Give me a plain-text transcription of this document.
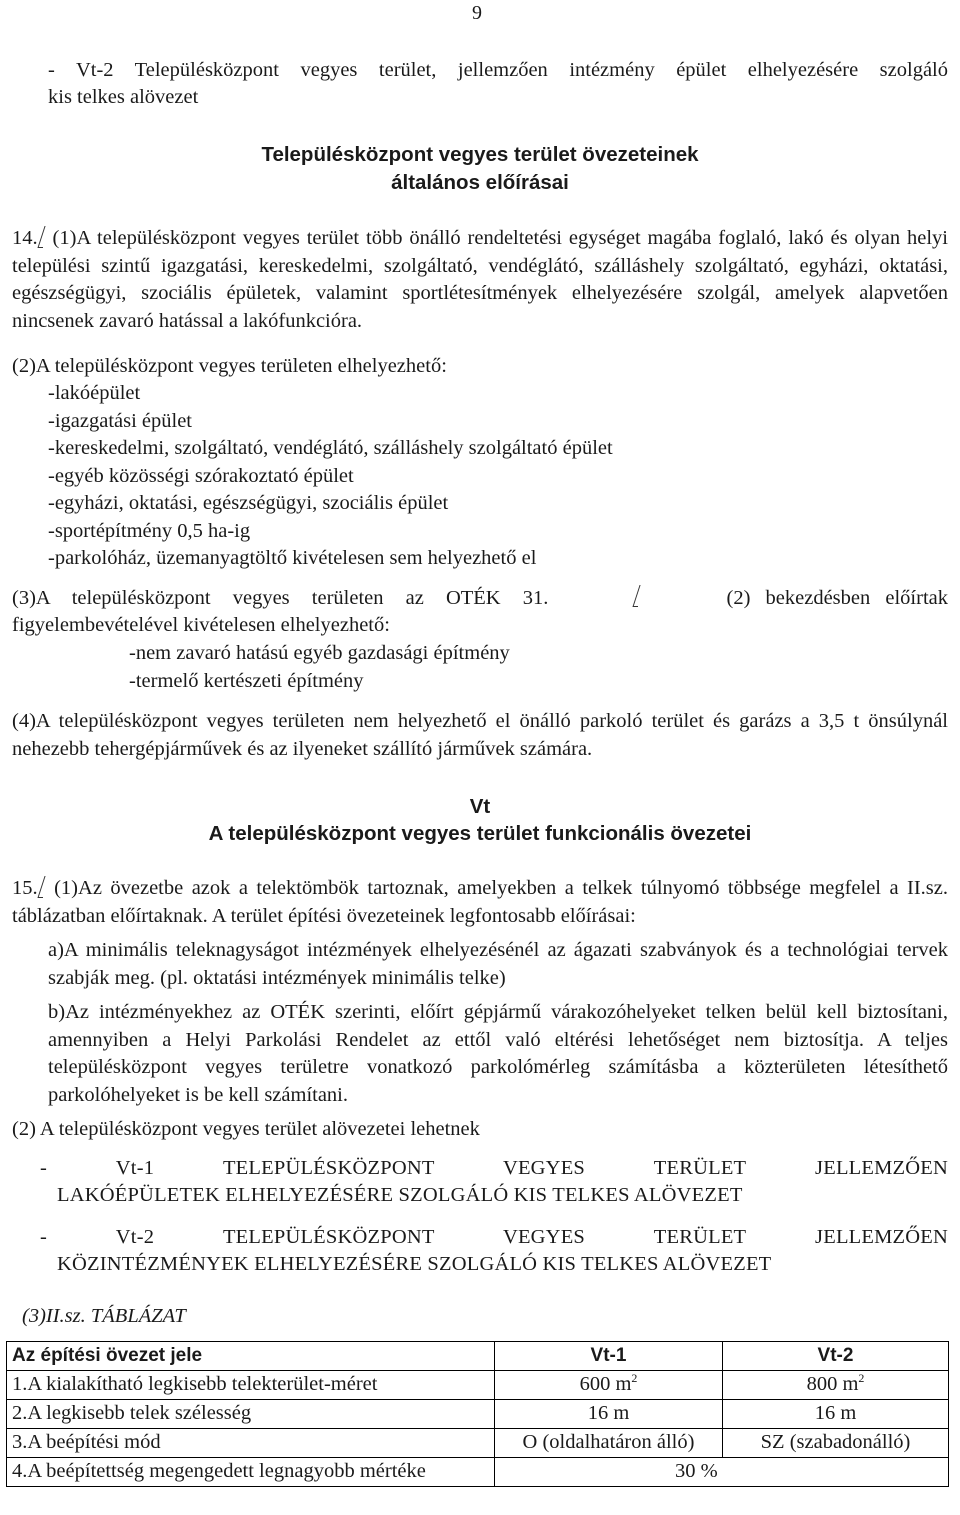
9
- Vt-2 Településközpont vegyes terület, jellemzően intézmény épület elhelyezésére szolgáló
kis telkes alövezet
Településközpont vegyes terület övezeteinek
általános előírásai
14. (1)A településközpont vegyes terület több önálló rendeltetési egységet magába foglaló, lakó és olyan helyi települési szintű igazgatási, kereskedelmi, szolgáltató, vendéglátó, szálláshely szolgáltató, egyházi, oktatási, egészségügyi, szociális épületek, valamint sportlétesítmények elhelyezésére szolgál, amelyek alapvetően nincsenek zavaró hatással a lakófunkcióra.
(2)A településközpont vegyes területen elhelyezhető:
-lakóépület
-igazgatási épület
-kereskedelmi, szolgáltató, vendéglátó, szálláshely szolgáltató épület
-egyéb közösségi szórakoztató épület
-egyházi, oktatási, egészségügyi, szociális épület
-sportépítmény 0,5 ha-ig
-parkolóház, üzemanyagtöltő kivételesen sem helyezhető el
(3)A településközpont vegyes területen az OTÉK 31.	(2) bekezdésben előírtak
figyelembevételével kivételesen elhelyezhető:
-nem zavaró hatású egyéb gazdasági építmény
-termelő kertészeti építmény
(4)A településközpont vegyes területen nem helyezhető el önálló parkoló terület és garázs a 3,5 t önsúlynál nehezebb tehergépjárművek és az ilyeneket szállító járművek számára.
Vt
A településközpont vegyes terület funkcionális övezetei
15. (1)Az övezetbe azok a telektömbök tartoznak, amelyekben a telkek túlnyomó többsége megfelel a II.sz. táblázatban előírtaknak. A terület építési övezeteinek legfontosabb előírásai:
a)A minimális teleknagyságot intézmények elhelyezésénél az ágazati szabványok és a technológiai tervek szabják meg. (pl. oktatási intézmények minimális telke)
b)Az intézményekhez az OTÉK szerinti, előírt gépjármű várakozóhelyeket telken belül kell biztosítani, amennyiben a Helyi Parkolási Rendelet az ettől való eltérési lehetőséget nem biztosítja. A teljes településközpont vegyes területre vonatkozó parkolómérleg számításba a közterületen létesíthető parkolóhelyeket is be kell számítani.
(2) A településközpont vegyes terület alövezetei lehetnek
- Vt-1 TELEPÜLÉSKÖZPONT VEGYES TERÜLET JELLEMZŐEN
LAKÓÉPÜLETEK ELHELYEZÉSÉRE SZOLGÁLÓ KIS TELKES ALÖVEZET
- Vt-2 TELEPÜLÉSKÖZPONT VEGYES TERÜLET JELLEMZŐEN
KÖZINTÉZMÉNYEK ELHELYEZÉSÉRE SZOLGÁLÓ KIS TELKES ALÖVEZET
(3)II.sz. TÁBLÁZAT
Az építési övezet jele	Vt-1	Vt-2
1.A kialakítható legkisebb telekterület-méret	600 $m^2$	800 $m^2$
2.A legkisebb telek szélesség	16 m	16 m
3.A beépítési mód	O (oldalhatáron álló)	SZ (szabadonálló)
4.A beépítettség megengedett legnagyobb mértéke	30 %	
